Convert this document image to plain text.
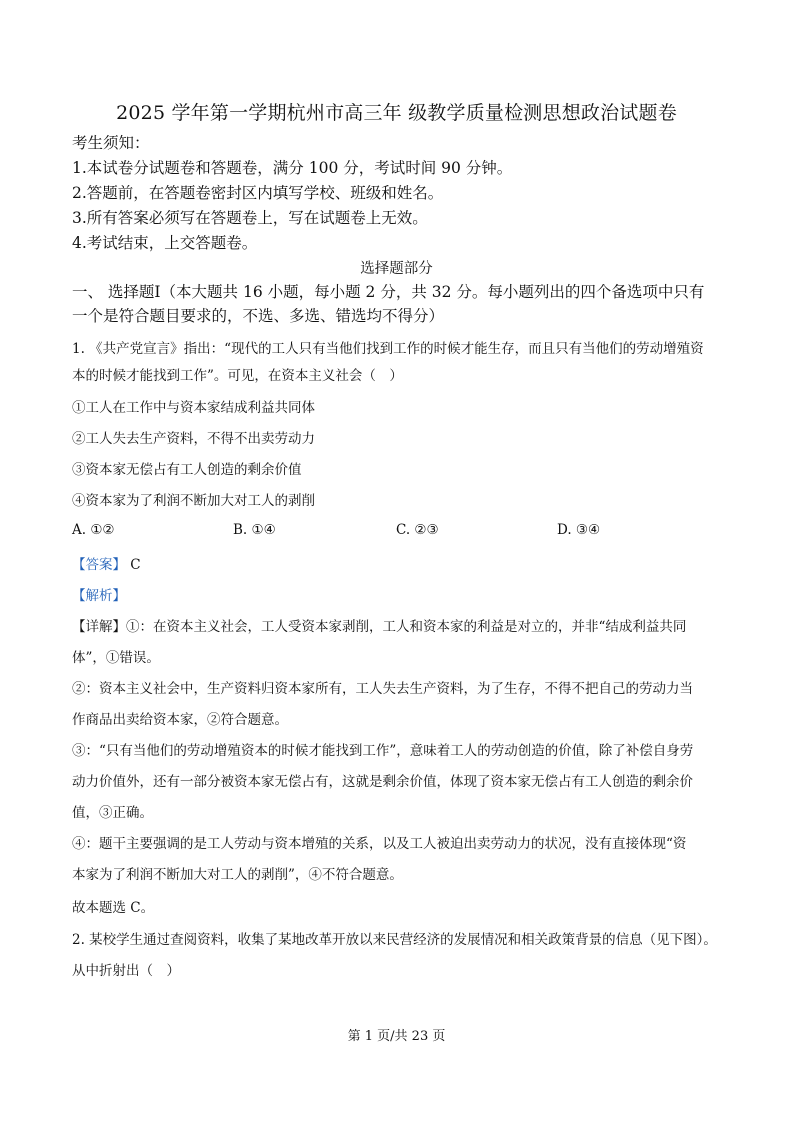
2025 学年第一学期杭州市高三年 级教学质量检测思想政治试题卷
考生须知：
1.本试卷分试题卷和答题卷，满分 100 分，考试时间 90 分钟。
2.答题前，在答题卷密封区内填写学校、班级和姓名。
3.所有答案必须写在答题卷上，写在试题卷上无效。
4.考试结束，上交答题卷。
选择题部分
一、 选择题Ⅰ（本大题共 16 小题，每小题 2 分，共 32 分。每小题列出的四个备选项中只有
一个是符合题目要求的，不选、多选、错选均不得分）
1. 《共产党宣言》指出：“现代的工人只有当他们找到工作的时候才能生存，而且只有当他们的劳动增殖资
本的时候才能找到工作”。可见，在资本主义社会（　）
①工人在工作中与资本家结成利益共同体
②工人失去生产资料，不得不出卖劳动力
③资本家无偿占有工人创造的剩余价值
④资本家为了利润不断加大对工人的剥削
A. ①②	B. ①④	C. ②③	D. ③④
【答案】 C
【解析】
【详解】①：在资本主义社会，工人受资本家剥削，工人和资本家的利益是对立的，并非“结成利益共同
体”，①错误。
②：资本主义社会中，生产资料归资本家所有，工人失去生产资料，为了生存，不得不把自己的劳动力当
作商品出卖给资本家，②符合题意。
③：“只有当他们的劳动增殖资本的时候才能找到工作”，意味着工人的劳动创造的价值，除了补偿自身劳
动力价值外，还有一部分被资本家无偿占有，这就是剩余价值，体现了资本家无偿占有工人创造的剩余价
值，③正确。
④：题干主要强调的是工人劳动与资本增殖的关系，以及工人被迫出卖劳动力的状况，没有直接体现“资
本家为了利润不断加大对工人的剥削”，④不符合题意。
故本题选 C。
2. 某校学生通过查阅资料，收集了某地改革开放以来民营经济的发展情况和相关政策背景的信息（见下图）。
从中折射出（　）
第 1 页/共 23 页
